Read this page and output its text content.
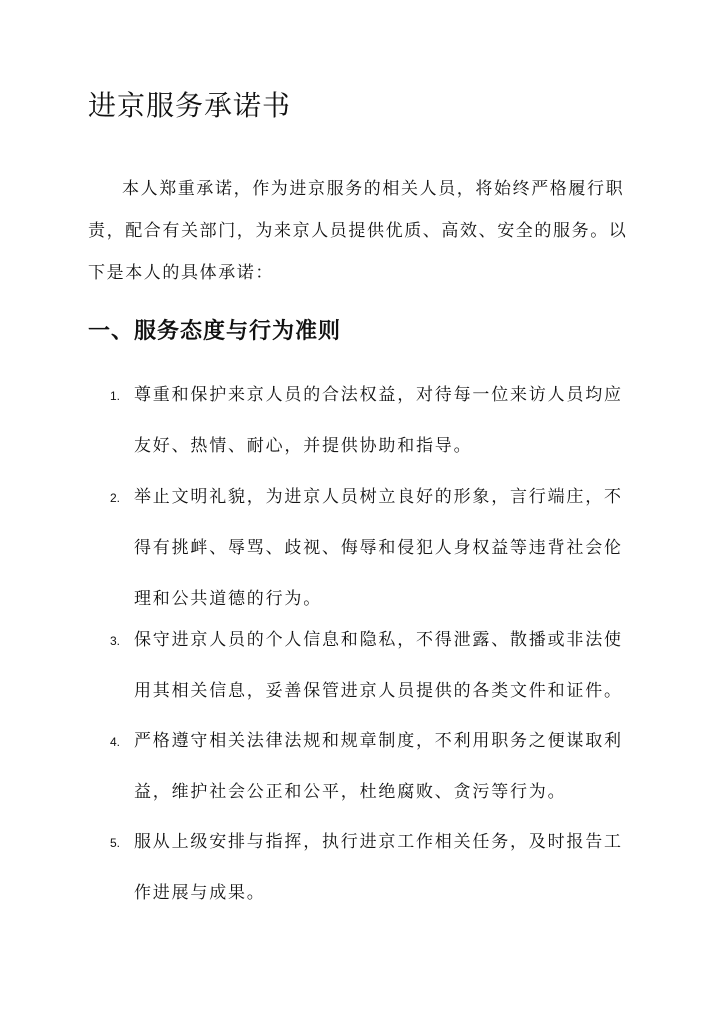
进京服务承诺书

本人郑重承诺，作为进京服务的相关人员，将始终严格履行职责，配合有关部门，为来京人员提供优质、高效、安全的服务。以下是本人的具体承诺：

一、服务态度与行为准则
1. 尊重和保护来京人员的合法权益，对待每一位来访人员均应友好、热情、耐心，并提供协助和指导。

2. 举止文明礼貌，为进京人员树立良好的形象，言行端庄，不得有挑衅、辱骂、歧视、侮辱和侵犯人身权益等违背社会伦理和公共道德的行为。

3. 保守进京人员的个人信息和隐私，不得泄露、散播或非法使用其相关信息，妥善保管进京人员提供的各类文件和证件。

4. 严格遵守相关法律法规和规章制度，不利用职务之便谋取利益，维护社会公正和公平，杜绝腐败、贪污等行为。

5. 服从上级安排与指挥，执行进京工作相关任务，及时报告工作进展与成果。
